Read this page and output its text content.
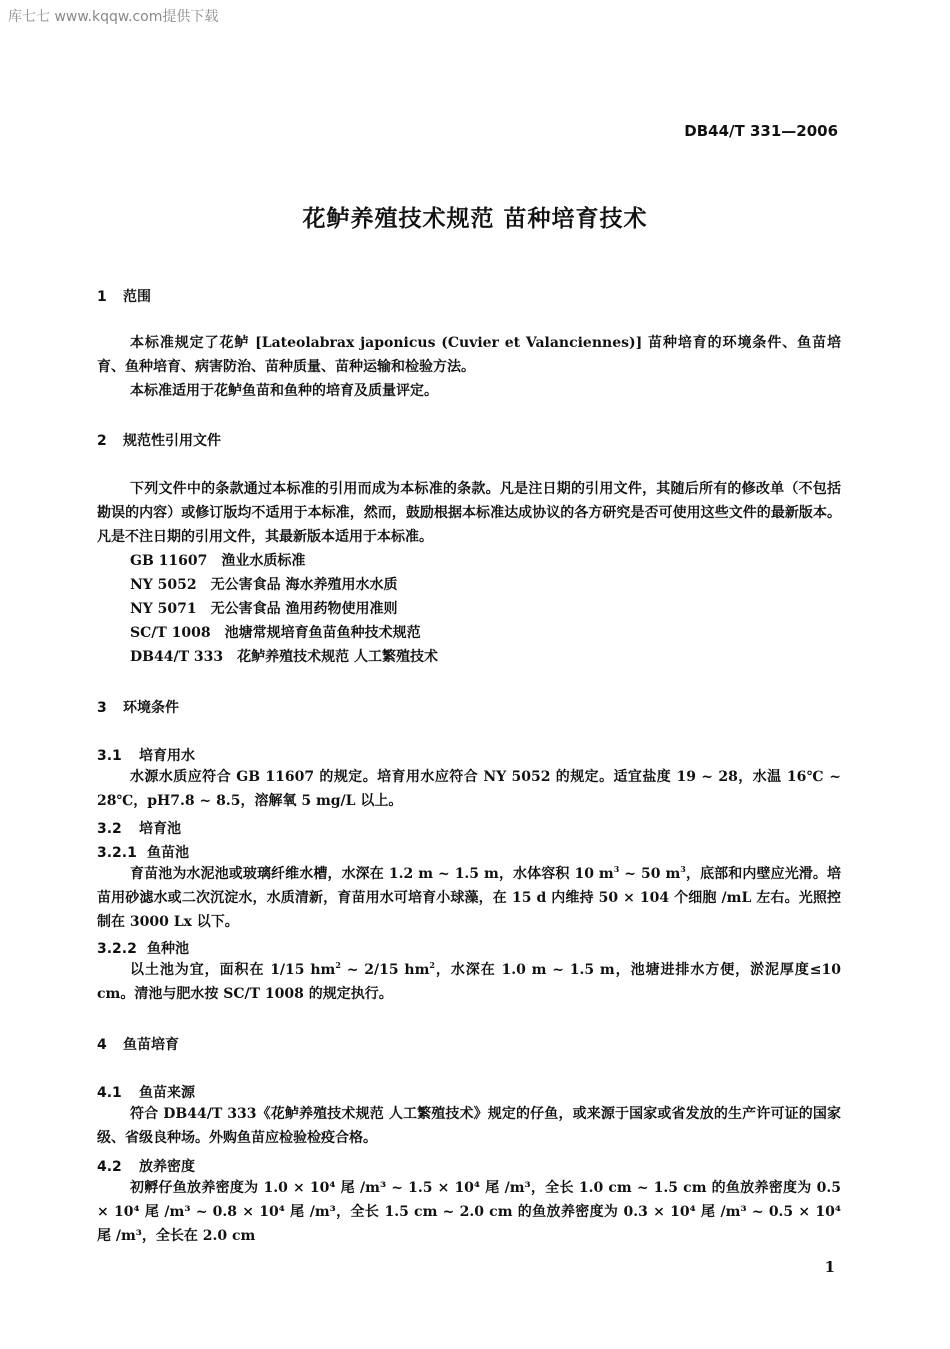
库七七 www.kqqw.com提供下载
DB44/T 331—2006
花鲈养殖技术规范 苗种培育技术
1 范围
本标准规定了花鲈 [Lateolabrax japonicus (Cuvier et Valanciennes)] 苗种培育的环境条件、鱼苗培育、鱼种培育、病害防治、苗种质量、苗种运输和检验方法。
本标准适用于花鲈鱼苗和鱼种的培育及质量评定。
2 规范性引用文件
下列文件中的条款通过本标准的引用而成为本标准的条款。凡是注日期的引用文件，其随后所有的修改单（不包括勘误的内容）或修订版均不适用于本标准，然而，鼓励根据本标准达成协议的各方研究是否可使用这些文件的最新版本。凡是不注日期的引用文件，其最新版本适用于本标准。
GB 11607 渔业水质标准
NY 5052 无公害食品 海水养殖用水水质
NY 5071 无公害食品 渔用药物使用准则
SC/T 1008 池塘常规培育鱼苗鱼种技术规范
DB44/T 333 花鲈养殖技术规范 人工繁殖技术
3 环境条件
3.1 培育用水
水源水质应符合 GB 11607 的规定。培育用水应符合 NY 5052 的规定。适宜盐度 19 ~ 28，水温 16℃ ~ 28℃，pH7.8 ~ 8.5，溶解氧 5 mg/L 以上。
3.2 培育池
3.2.1 鱼苗池
育苗池为水泥池或玻璃纤维水槽，水深在 1.2 m ~ 1.5 m，水体容积 10 $m^3$ ~ 50 $m^3$，底部和内壁应光滑。培苗用砂滤水或二次沉淀水，水质清新，育苗用水可培育小球藻，在 15 d 内维持 50 × 104 个细胞 /mL 左右。光照控制在 3000 Lx 以下。
3.2.2 鱼种池
以土池为宜，面积在 1/15 $hm^2$ ~ 2/15 $hm^2$，水深在 1.0 m ~ 1.5 m，池塘进排水方便，淤泥厚度≤10 cm。清池与肥水按 SC/T 1008 的规定执行。
4 鱼苗培育
4.1 鱼苗来源
符合 DB44/T 333《花鲈养殖技术规范 人工繁殖技术》规定的仔鱼，或来源于国家或省发放的生产许可证的国家级、省级良种场。外购鱼苗应检验检疫合格。
4.2 放养密度
初孵仔鱼放养密度为 1.0 × 10⁴ 尾 /m³ ~ 1.5 × 10⁴ 尾 /m³，全长 1.0 cm ~ 1.5 cm 的鱼放养密度为 0.5 × 10⁴ 尾 /m³ ~ 0.8 × 10⁴ 尾 /m³，全长 1.5 cm ~ 2.0 cm 的鱼放养密度为 0.3 × 10⁴ 尾 /m³ ~ 0.5 × 10⁴ 尾 /m³，全长在 2.0 cm
1
